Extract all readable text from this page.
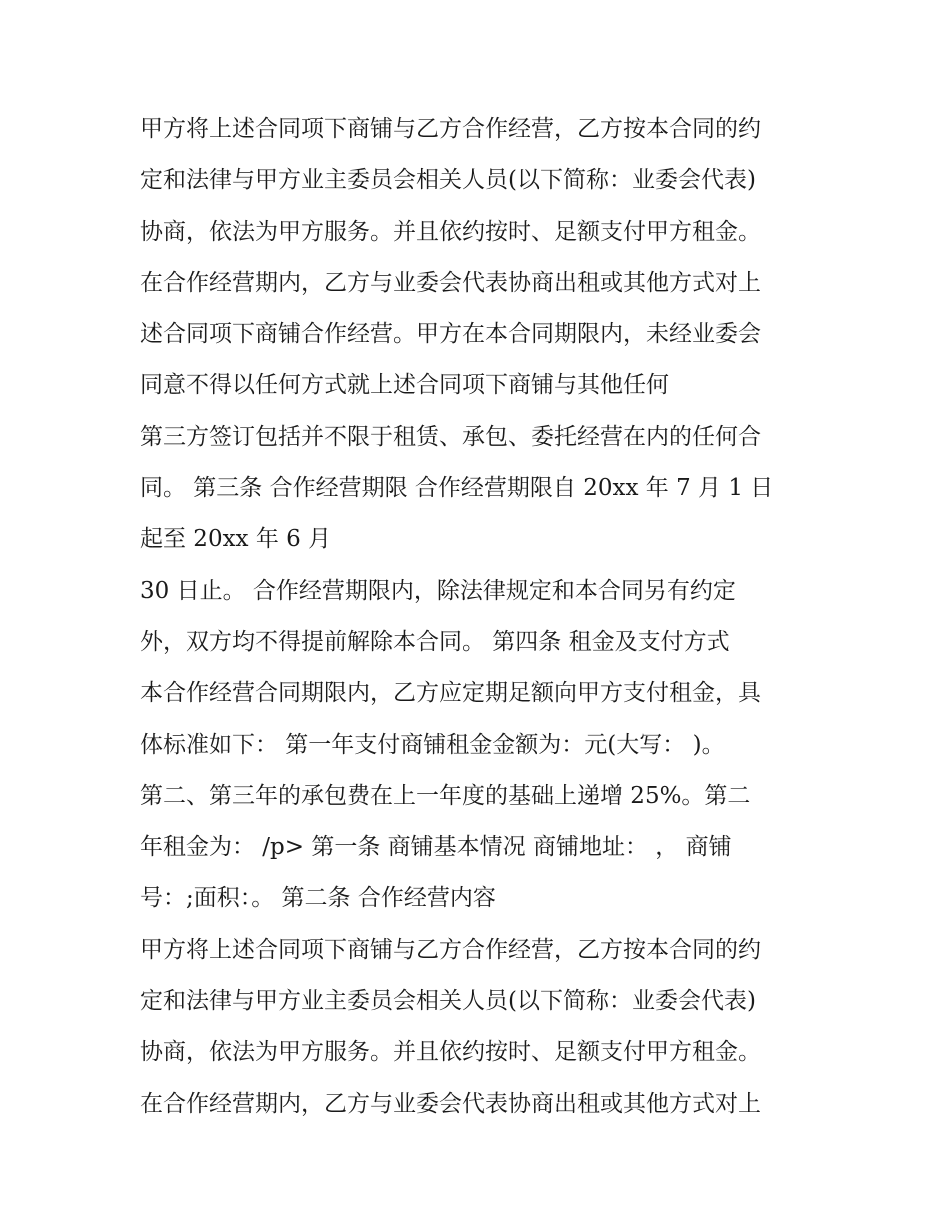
甲方将上述合同项下商铺与乙方合作经营，乙方按本合同的约
定和法律与甲方业主委员会相关人员(以下简称：业委会代表)
协商，依法为甲方服务。并且依约按时、足额支付甲方租金。
在合作经营期内，乙方与业委会代表协商出租或其他方式对上
述合同项下商铺合作经营。甲方在本合同期限内，未经业委会
同意不得以任何方式就上述合同项下商铺与其他任何
第三方签订包括并不限于租赁、承包、委托经营在内的任何合
同。 第三条 合作经营期限 合作经营期限自 20xx 年 7 月 1 日
起至 20xx 年 6 月
30 日止。 合作经营期限内，除法律规定和本合同另有约定
外，双方均不得提前解除本合同。 第四条 租金及支付方式
本合作经营合同期限内，乙方应定期足额向甲方支付租金，具
体标准如下： 第一年支付商铺租金金额为：元(大写： )。
第二、第三年的承包费在上一年度的基础上递增 25%。第二
年租金为： /p> 第一条 商铺基本情况 商铺地址： ， 商铺
号：;面积：。 第二条 合作经营内容
甲方将上述合同项下商铺与乙方合作经营，乙方按本合同的约
定和法律与甲方业主委员会相关人员(以下简称：业委会代表)
协商，依法为甲方服务。并且依约按时、足额支付甲方租金。
在合作经营期内，乙方与业委会代表协商出租或其他方式对上
